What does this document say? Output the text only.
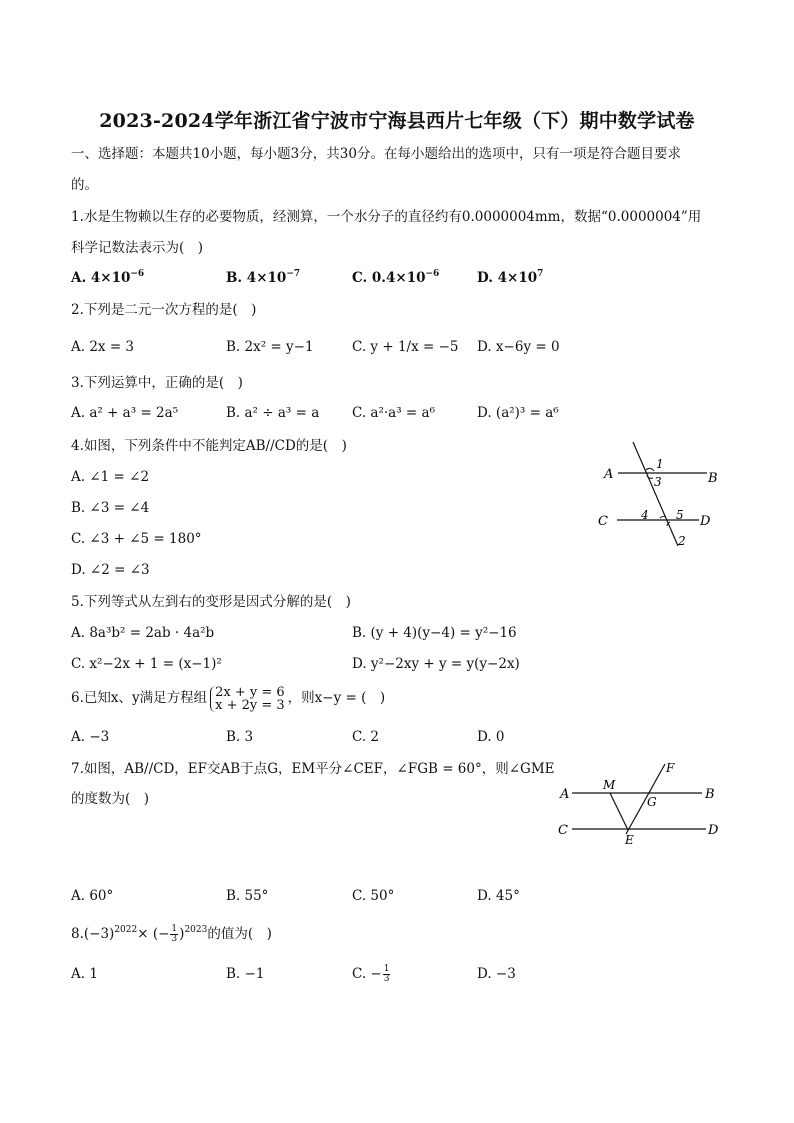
2023-2024学年浙江省宁波市宁海县西片七年级（下）期中数学试卷
一、选择题：本题共10小题，每小题3分，共30分。在每小题给出的选项中，只有一项是符合题目要求
的。
1.水是生物赖以生存的必要物质，经测算，一个水分子的直径约有0.0000004mm，数据“0.0000004”用
科学记数法表示为(　)
A. $4\times 10^{-6}$	B. $4\times 10^{-7}$	C. $0.4\times 10^{-6}$	D. $4\times 10^7$
2.下列是二元一次方程的是(　)
A. 2x = 3	B. 2x² = y−1	C. y + 1/x = −5 D. x−6y = 0
3.下列运算中，正确的是(　)
A. a² + a³ = 2a⁵	B. a² ÷ a³ = a C. a²·a³ = a⁶	D. (a²)³ = a⁶
4.如图，下列条件中不能判定AB//CD的是(　)
A. ∠1 = ∠2
B. ∠3 = ∠4
C. ∠3 + ∠5 = 180°
D. ∠2 = ∠3
A	B
C	D
1
2
3
4 5
5.下列等式从左到右的变形是因式分解的是(　)
A. 8a³b² = 2ab · 4a²b	B. (y + 4)(y−4) = y²−16
C. x²−2x + 1 = (x−1)²	D. y²−2xy + y = y(y−2x)
6.已知x、y满足方程组 2x + y = 6
x + 2y = 3 ，则x−y = (　)
A. −3	B. 3	C. 2	D. 0
7.如图，AB//CD，EF交AB于点G，EM平分∠CEF，∠FGB = 60°，则∠GME
的度数为(　)	A	B
C	D
E
F
G
M
A. 60°	B. 55°	C. 50°	D. 45°
$8.(-3)^{2022}\times$ (− $\frac{1}{3} )^{2023}$的值为(　)
A. 1	B. −1	C. − $\frac{1}{3}$	D. −3
